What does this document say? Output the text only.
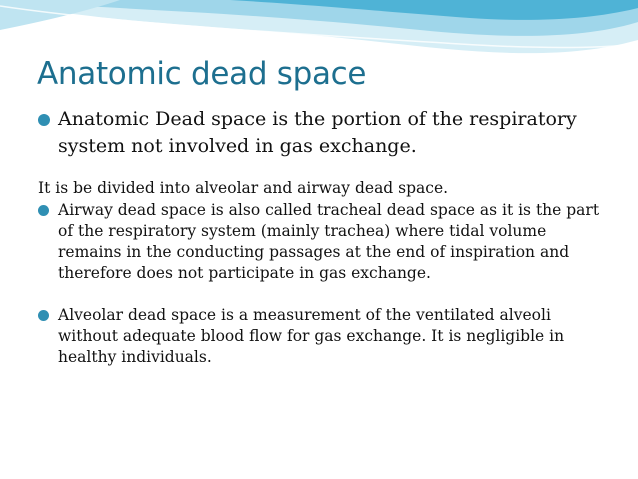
Anatomic dead space

Anatomic Dead space is the portion of the respiratory system not involved in gas exchange.

It is be divided into alveolar and airway dead space.

Airway dead space is also called tracheal dead space as it is the part of the respiratory system (mainly trachea) where tidal volume remains in the conducting passages at the end of inspiration and therefore does not participate in gas exchange.

Alveolar dead space is a measurement of the ventilated alveoli without adequate blood flow for gas exchange. It is negligible in healthy individuals.
